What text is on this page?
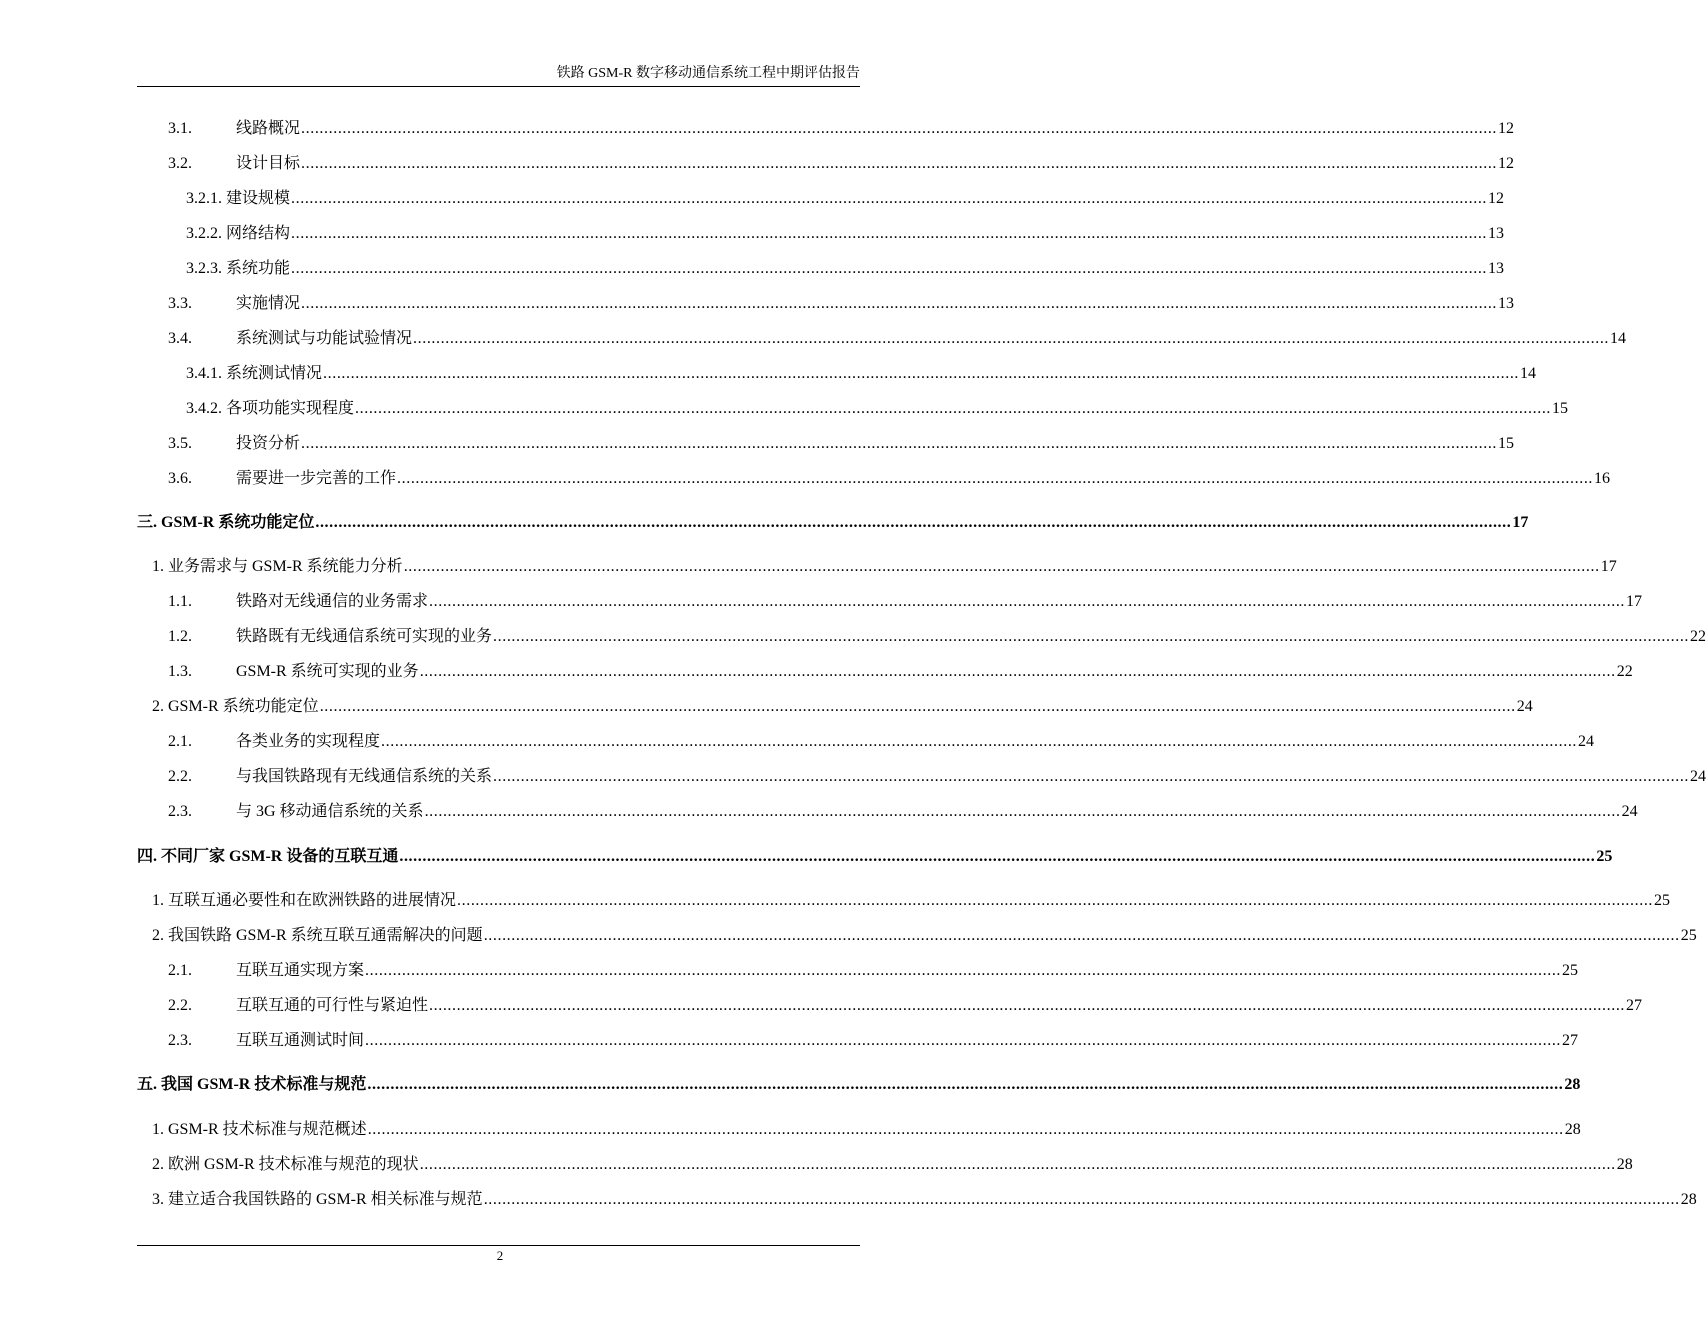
铁路 GSM-R 数字移动通信系统工程中期评估报告
3.1.	线路概况 .................................................................................................................................................................................................................................................................... 12
3.2.	设计目标 .................................................................................................................................................................................................................................................................... 12
3.2.1. 建设规模 .................................................................................................................................................................................................................................................................... 12
3.2.2. 网络结构 .................................................................................................................................................................................................................................................................... 13
3.2.3. 系统功能 .................................................................................................................................................................................................................................................................... 13
3.3.	实施情况 .................................................................................................................................................................................................................................................................... 13
3.4.	系统测试与功能试验情况 .................................................................................................................................................................................................................................................................... 14
3.4.1. 系统测试情况 .................................................................................................................................................................................................................................................................... 14
3.4.2. 各项功能实现程度 .................................................................................................................................................................................................................................................................... 15
3.5.	投资分析 .................................................................................................................................................................................................................................................................... 15
3.6.	需要进一步完善的工作 .................................................................................................................................................................................................................................................................... 16
三. GSM-R 系统功能定位 .................................................................................................................................................................................................................................................................... 17
1. 业务需求与 GSM-R 系统能力分析 .................................................................................................................................................................................................................................................................... 17
1.1.	铁路对无线通信的业务需求 .................................................................................................................................................................................................................................................................... 17
1.2.	铁路既有无线通信系统可实现的业务 .................................................................................................................................................................................................................................................................... 22
1.3.	GSM-R 系统可实现的业务 .................................................................................................................................................................................................................................................................... 22
2. GSM-R 系统功能定位 .................................................................................................................................................................................................................................................................... 24
2.1.	各类业务的实现程度 .................................................................................................................................................................................................................................................................... 24
2.2.	与我国铁路现有无线通信系统的关系 .................................................................................................................................................................................................................................................................... 24
2.3.	与 3G 移动通信系统的关系 .................................................................................................................................................................................................................................................................... 24
四. 不同厂家 GSM-R 设备的互联互通 .................................................................................................................................................................................................................................................................... 25
1. 互联互通必要性和在欧洲铁路的进展情况 .................................................................................................................................................................................................................................................................... 25
2. 我国铁路 GSM-R 系统互联互通需解决的问题 .................................................................................................................................................................................................................................................................... 25
2.1.	互联互通实现方案 .................................................................................................................................................................................................................................................................... 25
2.2.	互联互通的可行性与紧迫性 .................................................................................................................................................................................................................................................................... 27
2.3.	互联互通测试时间 .................................................................................................................................................................................................................................................................... 27
五. 我国 GSM-R 技术标准与规范 .................................................................................................................................................................................................................................................................... 28
1. GSM-R 技术标准与规范概述 .................................................................................................................................................................................................................................................................... 28
2. 欧洲 GSM-R 技术标准与规范的现状 .................................................................................................................................................................................................................................................................... 28
3. 建立适合我国铁路的 GSM-R 相关标准与规范 .................................................................................................................................................................................................................................................................... 28
2
